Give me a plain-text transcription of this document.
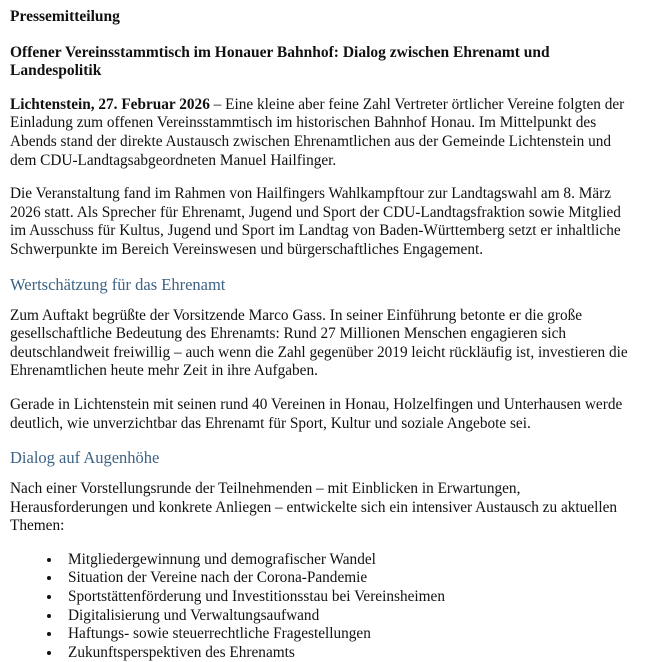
Pressemitteilung
Offener Vereinsstammtisch im Honauer Bahnhof: Dialog zwischen Ehrenamt und Landespolitik

Lichtenstein, 27. Februar 2026 – Eine kleine aber feine Zahl Vertreter örtlicher Vereine folgten der Einladung zum offenen Vereinsstammtisch im historischen Bahnhof Honau. Im Mittelpunkt des Abends stand der direkte Austausch zwischen Ehrenamtlichen aus der Gemeinde Lichtenstein und dem CDU-Landtagsabgeordneten Manuel Hailfinger.

Die Veranstaltung fand im Rahmen von Hailfingers Wahlkampftour zur Landtagswahl am 8. März 2026 statt. Als Sprecher für Ehrenamt, Jugend und Sport der CDU-Landtagsfraktion sowie Mitglied im Ausschuss für Kultus, Jugend und Sport im Landtag von Baden-Württemberg setzt er inhaltliche Schwerpunkte im Bereich Vereinswesen und bürgerschaftliches Engagement.

Wertschätzung für das Ehrenamt

Zum Auftakt begrüßte der Vorsitzende Marco Gass. In seiner Einführung betonte er die große gesellschaftliche Bedeutung des Ehrenamts: Rund 27 Millionen Menschen engagieren sich deutschlandweit freiwillig – auch wenn die Zahl gegenüber 2019 leicht rückläufig ist, investieren die Ehrenamtlichen heute mehr Zeit in ihre Aufgaben.

Gerade in Lichtenstein mit seinen rund 40 Vereinen in Honau, Holzelfingen und Unterhausen werde deutlich, wie unverzichtbar das Ehrenamt für Sport, Kultur und soziale Angebote sei.

Dialog auf Augenhöhe

Nach einer Vorstellungsrunde der Teilnehmenden – mit Einblicken in Erwartungen, Herausforderungen und konkrete Anliegen – entwickelte sich ein intensiver Austausch zu aktuellen Themen:

• Mitgliedergewinnung und demografischer Wandel
• Situation der Vereine nach der Corona-Pandemie
• Sportstättenförderung und Investitionsstau bei Vereinsheimen
• Digitalisierung und Verwaltungsaufwand
• Haftungs- sowie steuerrechtliche Fragestellungen
• Zukunftsperspektiven des Ehrenamts
